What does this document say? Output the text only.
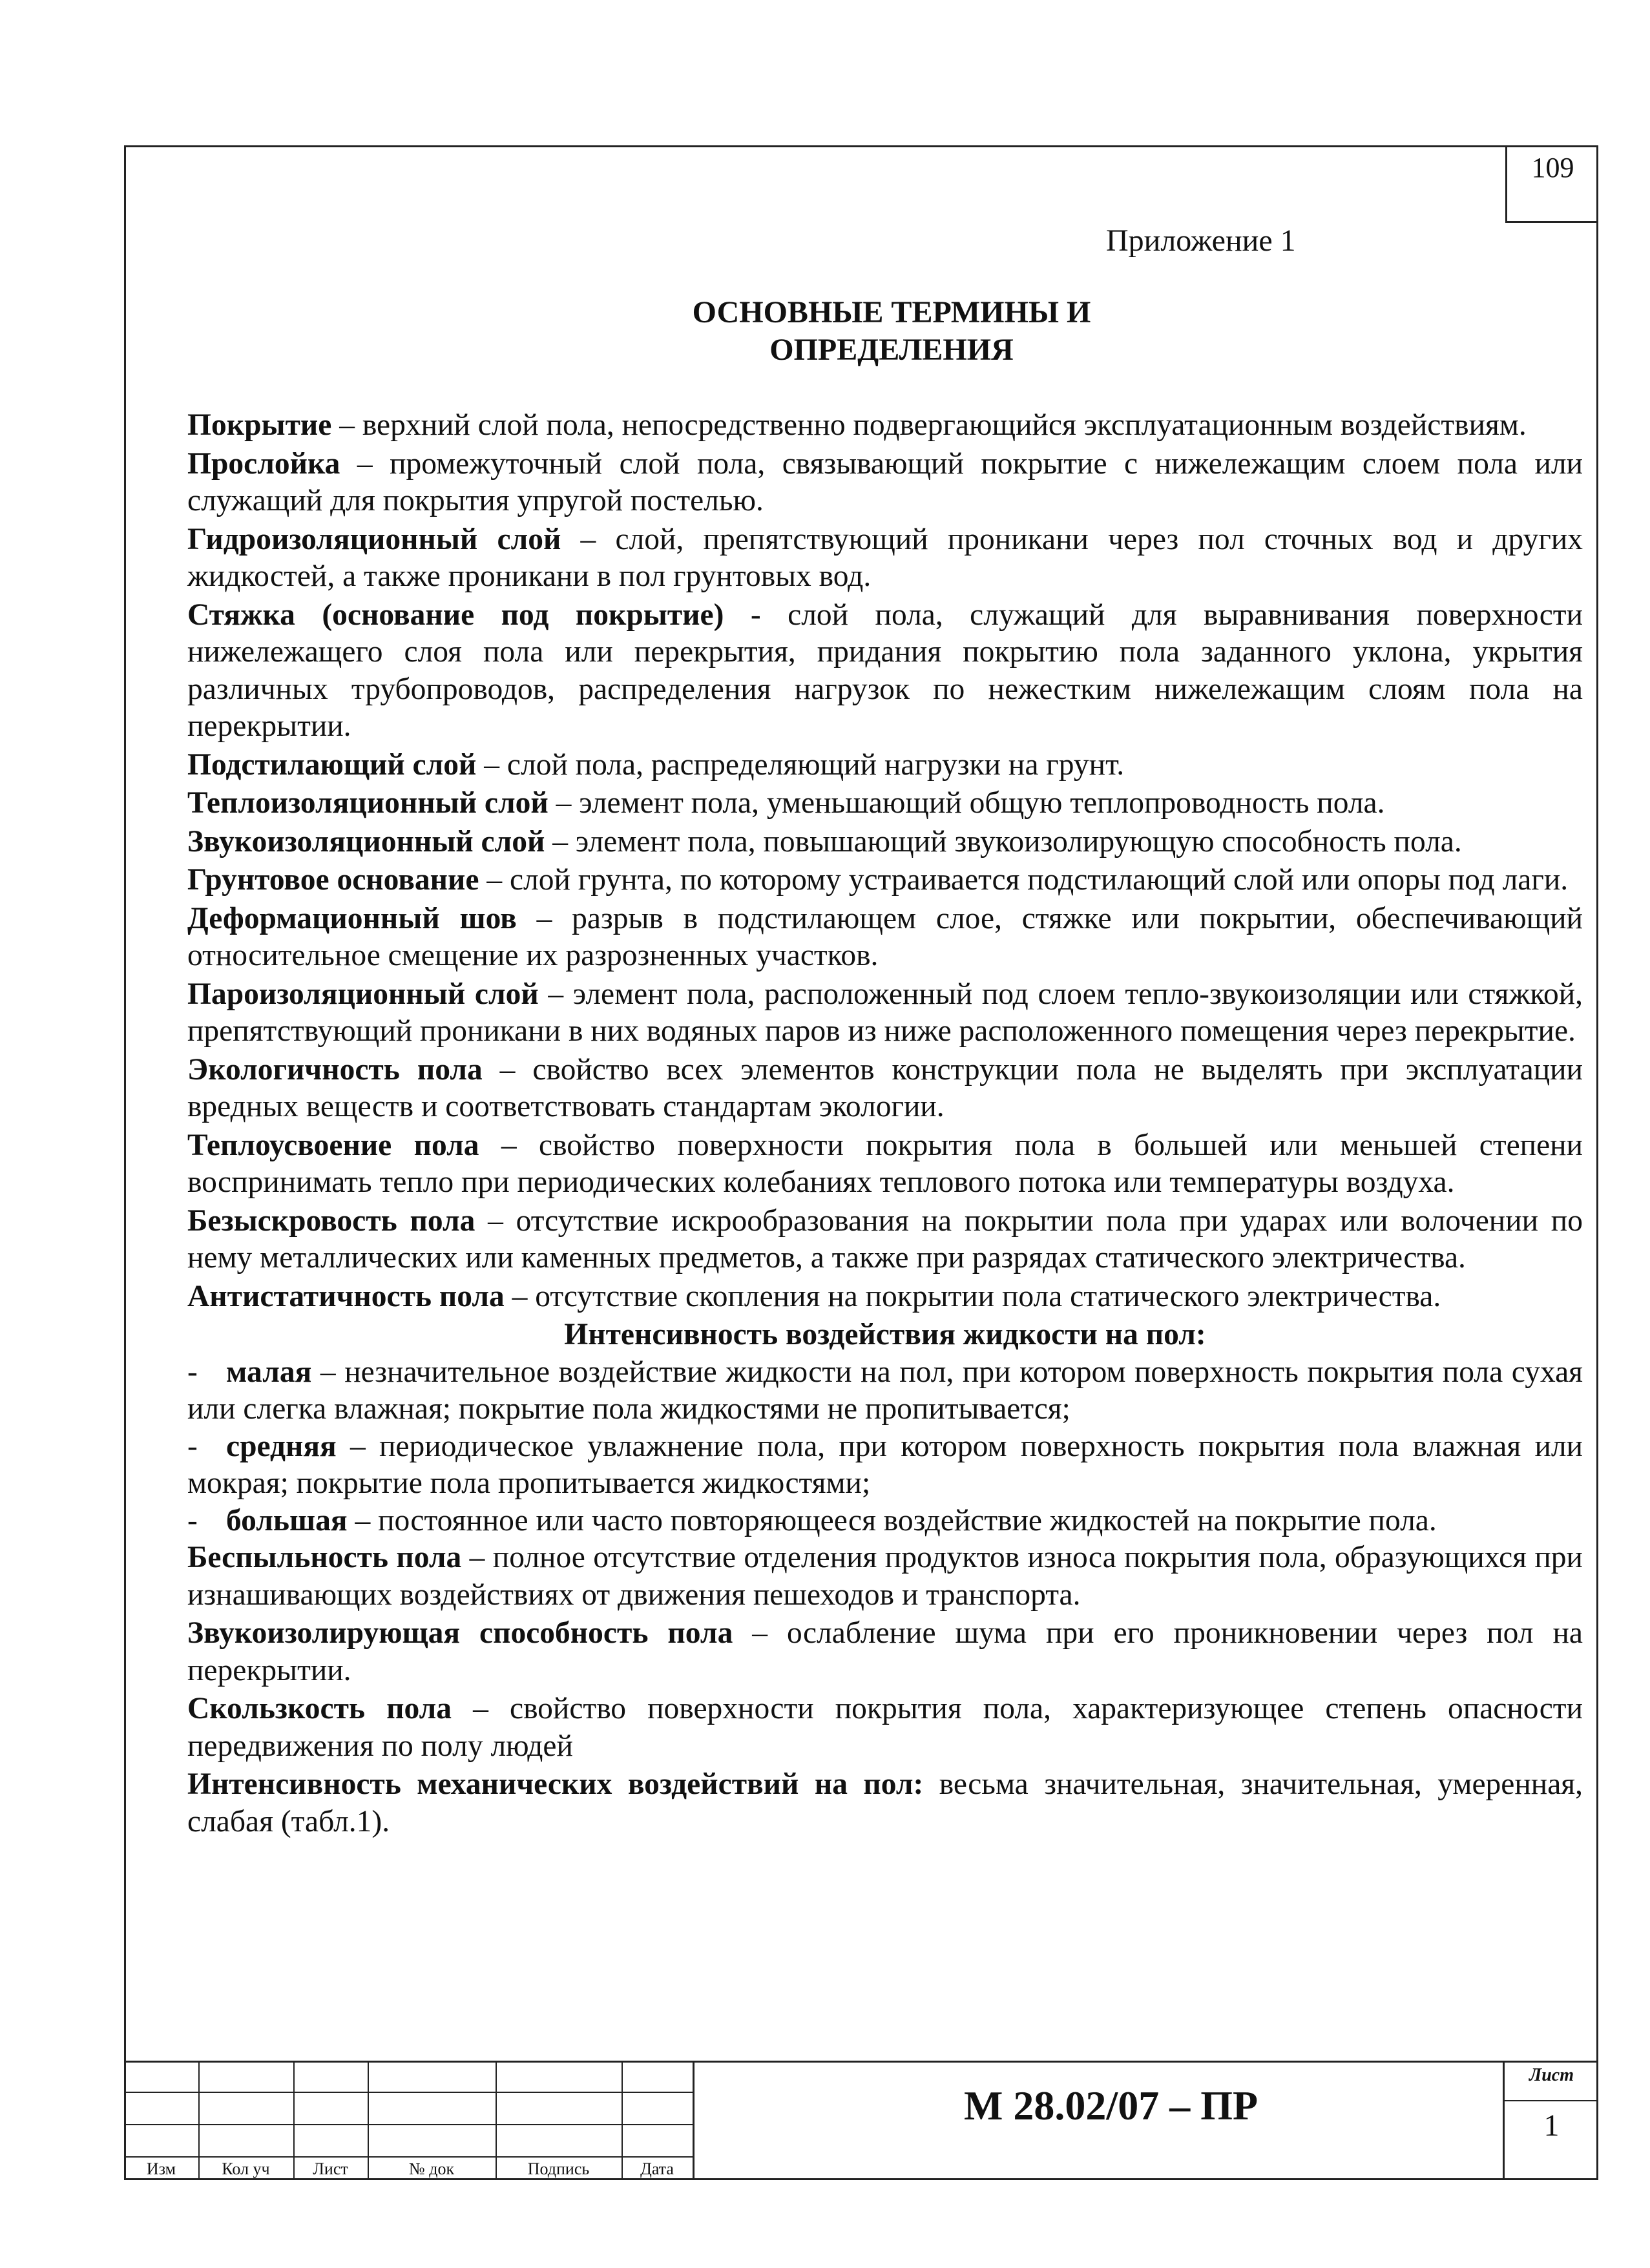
109
Приложение 1
ОСНОВНЫЕ ТЕРМИНЫ И
ОПРЕДЕЛЕНИЯ

Покрытие – верхний слой пола, непосредственно подвергающийся эксплуатационным воздействиям.

Прослойка – промежуточный слой пола, связывающий покрытие с нижележащим слоем пола или служащий для покрытия упругой постелью.

Гидроизоляционный слой – слой, препятствующий проникани через пол сточных вод и других жидкостей, а также проникани в пол грунтовых вод.

Стяжка (основание под покрытие) - слой пола, служащий для выравнивания поверхности нижележащего слоя пола или перекрытия, придания покрытию пола заданного уклона, укрытия различных трубопроводов, распределения нагрузок по нежестким нижележащим слоям пола на перекрытии.

Подстилающий слой – слой пола, распределяющий нагрузки на грунт.

Теплоизоляционный слой – элемент пола, уменьшающий общую теплопроводность пола.

Звукоизоляционный слой – элемент пола, повышающий звукоизолирующую способность пола.

Грунтовое основание – слой грунта, по которому устраивается подстилающий слой или опоры под лаги.

Деформационный шов – разрыв в подстилающем слое, стяжке или покрытии, обеспечивающий относительное смещение их разрозненных участков.

Пароизоляционный слой – элемент пола, расположенный под слоем тепло-звукоизоляции или стяжкой, препятствующий проникани в них водяных паров из ниже расположенного помещения через перекрытие.

Экологичность пола – свойство всех элементов конструкции пола не выделять при эксплуатации вредных веществ и соответствовать стандартам экологии.

Теплоусвоение пола – свойство поверхности покрытия пола в большей или меньшей степени воспринимать тепло при периодических колебаниях теплового потока или температуры воздуха.

Безыскровость пола – отсутствие искрообразования на покрытии пола при ударах или волочении по нему металлических или каменных предметов, а также при разрядах статического электричества.

Антистатичность пола – отсутствие скопления на покрытии пола статического электричества.

Интенсивность воздействия жидкости на пол:

- малая – незначительное воздействие жидкости на пол, при котором поверхность покрытия пола сухая или слегка влажная; покрытие пола жидкостями не пропитывается;

- средняя – периодическое увлажнение пола, при котором поверхность покрытия пола влажная или мокрая; покрытие пола пропитывается жидкостями;

- большая – постоянное или часто повторяющееся воздействие жидкостей на покрытие пола.

Беспыльность пола – полное отсутствие отделения продуктов износа покрытия пола, образующихся при изнашивающих воздействиях от движения пешеходов и транспорта.

Звукоизолирующая способность пола – ослабление шума при его проникновении через пол на перекрытии.

Скользкость пола – свойство поверхности покрытия пола, характеризующее степень опасности передвижения по полу людей

Интенсивность механических воздействий на пол: весьма значительная, значительная, умеренная, слабая (табл.1).

Изм	Кол уч	Лист	№ док	Подпись	Дата
М 28.02/07 – ПР
Лист
1
